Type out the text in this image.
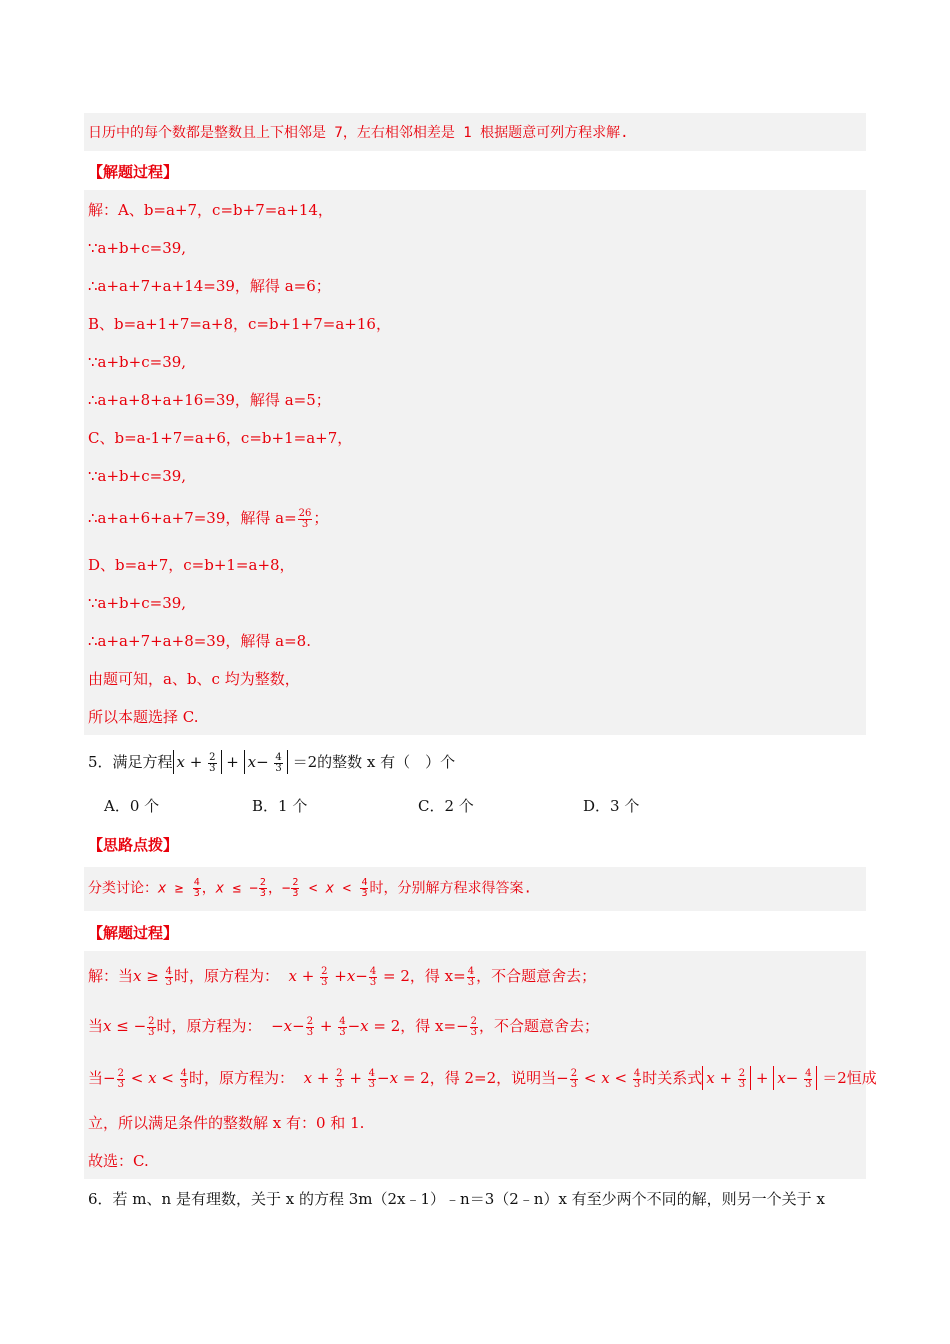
日历中的每个数都是整数且上下相邻是 7，左右相邻相差是 1 根据题意可列方程求解.
【解题过程】
解：A、b=a+7，c=b+7=a+14，
∵a+b+c=39,
∴a+a+7+a+14=39，解得 a=6；
B、b=a+1+7=a+8，c=b+1+7=a+16，
∵a+b+c=39,
∴a+a+8+a+16=39，解得 a=5；
C、b=a-1+7=a+6，c=b+1=a+7，
∵a+b+c=39,
∴a+a+6+a+7=39，解得 $a= \frac{26}{3}$ ；
D、b=a+7，c=b+1=a+8，
∵a+b+c=39,
∴a+a+7+a+8=39，解得 a=8.
由题可知，a、b、c 均为整数，
所以本题选择 C.
5．满足方程 $x + \frac{2}{3} + x- \frac{4}{3} =2$的整数 x 有（　）个
A．0 个	B．1 个	C．2 个	D．3 个
【思路点拨】
分类讨论：$x \ge \frac{4}{3}$ ，x ≤ − $\frac{2}{3}$ ，− $\frac{2}{3} < x < \frac{4}{3}$ 时，分别解方程求得答案.
【解题过程】
解：当$x \ge \frac{4}{3}$ 时，原方程为： $x + \frac{2}{3} +x- \frac{4}{3} = 2$，得 $x= \frac{4}{3}$ ，不合题意舍去；
当x ≤ − $\frac{2}{3}$ 时，原方程为：  $-x- \frac{2}{3} + \frac{4}{3} -x = 2$，得 $x=- \frac{2}{3}$ ，不合题意舍去；
当− $\frac{2}{3} < x < \frac{4}{3}$ 时，原方程为： $x + \frac{2}{3} + \frac{4}{3} -x = 2$，得 2=2，说明当− $\frac{2}{3} < x < \frac{4}{3}$ 时关系式 $x + \frac{2}{3} + x- \frac{4}{3} =2$恒成
立，所以满足条件的整数解 x 有：0 和 1.
故选：C.
6．若 m、n 是有理数，关于 x 的方程 3m（2x﹣1）﹣n＝3（2﹣n）x 有至少两个不同的解，则另一个关于 x
